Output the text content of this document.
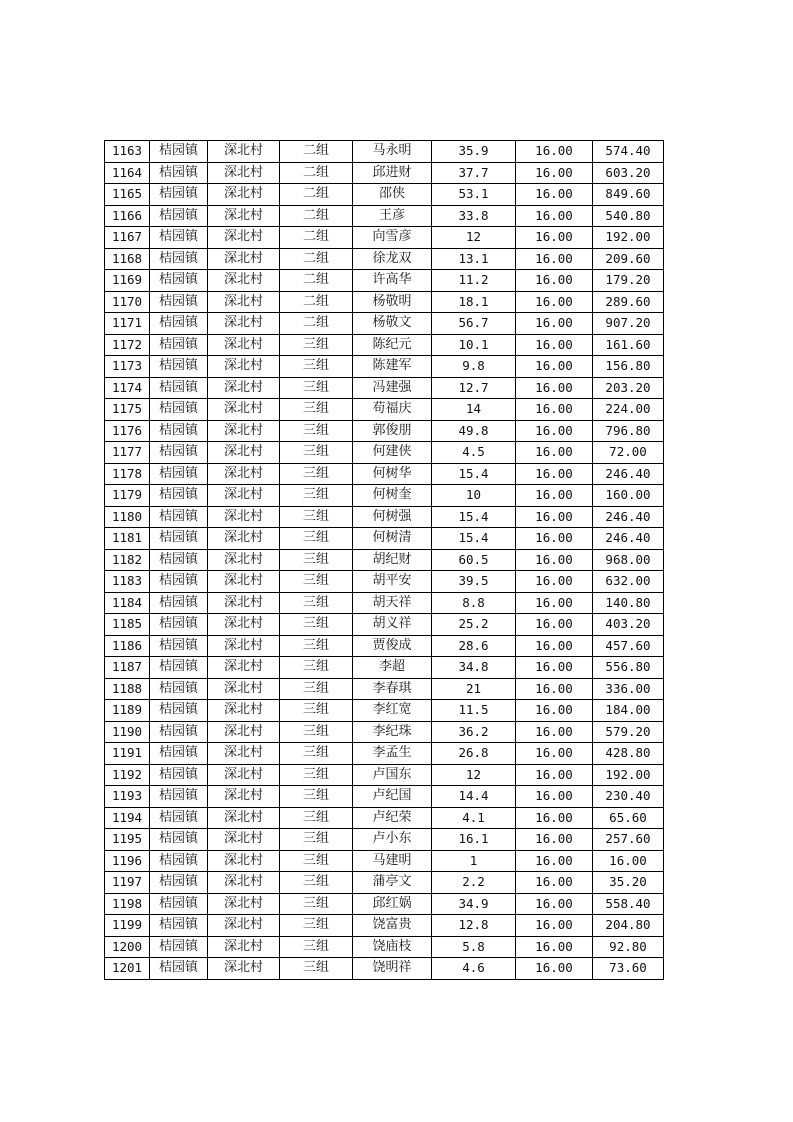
1163	桔园镇	深北村	二组	马永明	35.9	16.00	574.40
1164	桔园镇	深北村	二组	邱进财	37.7	16.00	603.20
1165	桔园镇	深北村	二组	邵侠	53.1	16.00	849.60
1166	桔园镇	深北村	二组	王彦	33.8	16.00	540.80
1167	桔园镇	深北村	二组	向雪彦	12	16.00	192.00
1168	桔园镇	深北村	二组	徐龙双	13.1	16.00	209.60
1169	桔园镇	深北村	二组	许高华	11.2	16.00	179.20
1170	桔园镇	深北村	二组	杨敬明	18.1	16.00	289.60
1171	桔园镇	深北村	二组	杨敬文	56.7	16.00	907.20
1172	桔园镇	深北村	三组	陈纪元	10.1	16.00	161.60
1173	桔园镇	深北村	三组	陈建军	9.8	16.00	156.80
1174	桔园镇	深北村	三组	冯建强	12.7	16.00	203.20
1175	桔园镇	深北村	三组	苟福庆	14	16.00	224.00
1176	桔园镇	深北村	三组	郭俊朋	49.8	16.00	796.80
1177	桔园镇	深北村	三组	何建侠	4.5	16.00	72.00
1178	桔园镇	深北村	三组	何树华	15.4	16.00	246.40
1179	桔园镇	深北村	三组	何树奎	10	16.00	160.00
1180	桔园镇	深北村	三组	何树强	15.4	16.00	246.40
1181	桔园镇	深北村	三组	何树清	15.4	16.00	246.40
1182	桔园镇	深北村	三组	胡纪财	60.5	16.00	968.00
1183	桔园镇	深北村	三组	胡平安	39.5	16.00	632.00
1184	桔园镇	深北村	三组	胡天祥	8.8	16.00	140.80
1185	桔园镇	深北村	三组	胡义祥	25.2	16.00	403.20
1186	桔园镇	深北村	三组	贾俊成	28.6	16.00	457.60
1187	桔园镇	深北村	三组	李超	34.8	16.00	556.80
1188	桔园镇	深北村	三组	李春琪	21	16.00	336.00
1189	桔园镇	深北村	三组	李红宽	11.5	16.00	184.00
1190	桔园镇	深北村	三组	李纪珠	36.2	16.00	579.20
1191	桔园镇	深北村	三组	李孟生	26.8	16.00	428.80
1192	桔园镇	深北村	三组	卢国东	12	16.00	192.00
1193	桔园镇	深北村	三组	卢纪国	14.4	16.00	230.40
1194	桔园镇	深北村	三组	卢纪荣	4.1	16.00	65.60
1195	桔园镇	深北村	三组	卢小东	16.1	16.00	257.60
1196	桔园镇	深北村	三组	马建明	1	16.00	16.00
1197	桔园镇	深北村	三组	蒲亭文	2.2	16.00	35.20
1198	桔园镇	深北村	三组	邱红娲	34.9	16.00	558.40
1199	桔园镇	深北村	三组	饶富贵	12.8	16.00	204.80
1200	桔园镇	深北村	三组	饶庙枝	5.8	16.00	92.80
1201	桔园镇	深北村	三组	饶明祥	4.6	16.00	73.60
